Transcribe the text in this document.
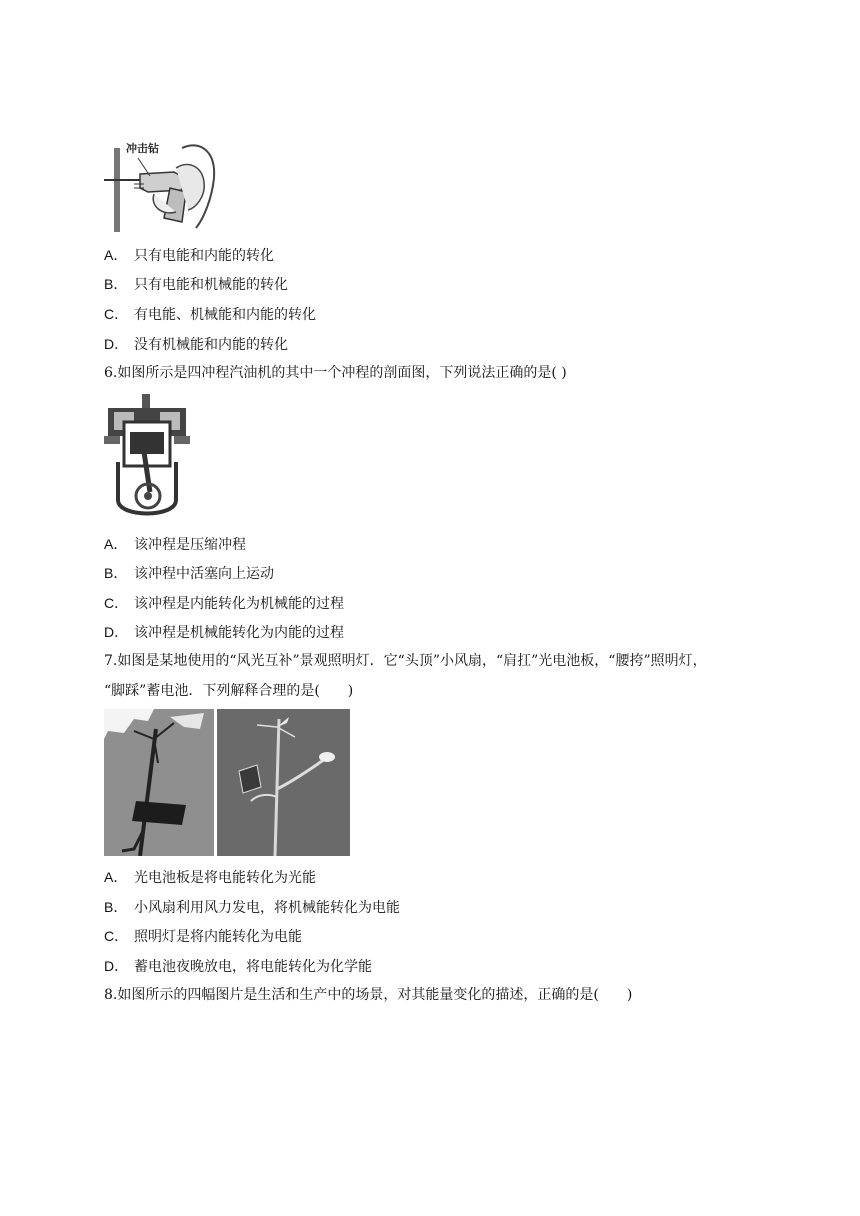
冲击钻
A． 只有电能和内能的转化
B． 只有电能和机械能的转化
C． 有电能、机械能和内能的转化
D． 没有机械能和内能的转化
6.如图所示是四冲程汽油机的其中一个冲程的剖面图，下列说法正确的是( )
A． 该冲程是压缩冲程
B． 该冲程中活塞向上运动
C． 该冲程是内能转化为机械能的过程
D． 该冲程是机械能转化为内能的过程
7.如图是某地使用的“风光互补”景观照明灯．它“头顶”小风扇，“肩扛”光电池板，“腰挎”照明灯，
“脚踩”蓄电池．下列解释合理的是(　　)
A． 光电池板是将电能转化为光能
B． 小风扇利用风力发电，将机械能转化为电能
C． 照明灯是将内能转化为电能
D． 蓄电池夜晚放电，将电能转化为化学能
8.如图所示的四幅图片是生活和生产中的场景，对其能量变化的描述，正确的是(　　)
